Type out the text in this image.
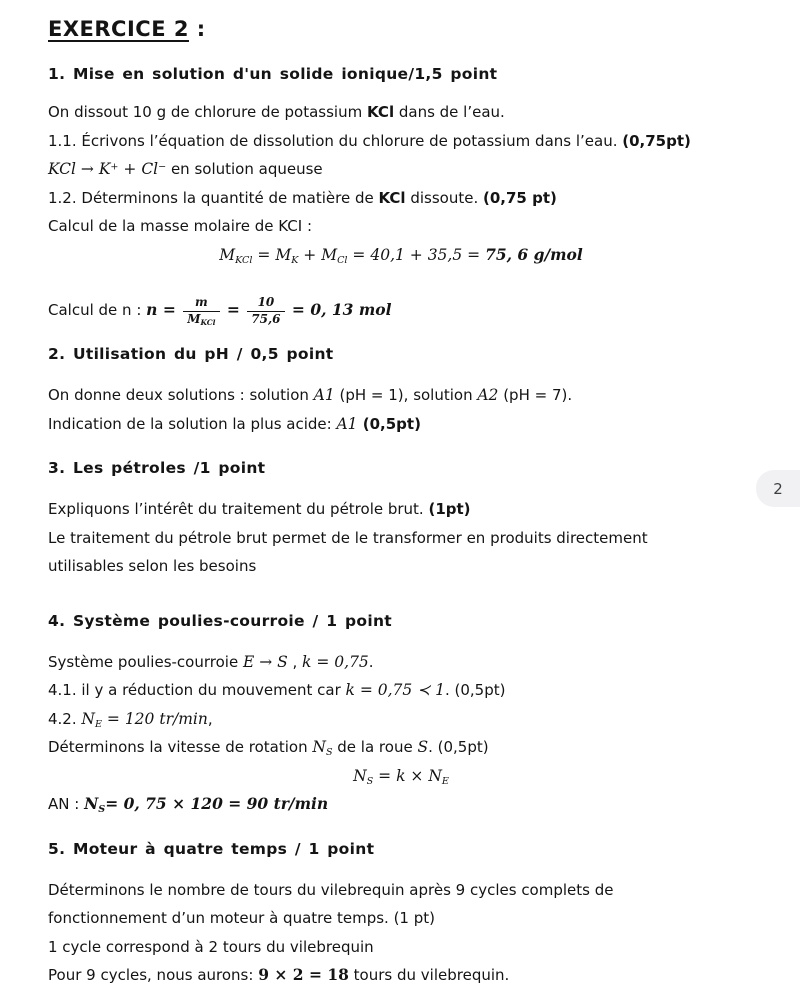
EXERCICE 2 :
1. Mise en solution d'un solide ionique/1,5 point
On dissout 10 g de chlorure de potassium KCl dans de l’eau.
1.1. Écrivons l’équation de dissolution du chlorure de potassium dans l’eau. (0,75pt)
KCl → K+ + Cl− en solution aqueuse
1.2. Déterminons la quantité de matière de KCl dissoute. (0,75 pt)
Calcul de la masse molaire de KCI :
$M_{KCl} = M_K + M_{Cl} = 40,1 + 35,5 = 75$, 6 g/mol
Calcul de n : $n = \frac{m}{M_{KCl}} = \frac{10}{75,6} = 0$, 13 mol
2. Utilisation du pH / 0,5 point
On donne deux solutions : solution A1 (pH = 1), solution A2 (pH = 7).
Indication de la solution la plus acide: A1 (0,5pt)
3. Les pétroles /1 point
Expliquons l’intérêt du traitement du pétrole brut. (1pt)
Le traitement du pétrole brut permet de le transformer en produits directement
utilisables selon les besoins
4. Système poulies-courroie / 1 point
Système poulies-courroie E → S , k = 0,75.
4.1. il y a réduction du mouvement car k = 0,75 ≺ 1. (0,5pt)
4.2. $N_E = 120$ tr/min,
Déterminons la vitesse de rotation $N_S$ de la roue S. (0,5pt)
$N_S = k \times N_E$
AN : $N_S= 0$, 75 × 120 = 90 tr/min
5. Moteur à quatre temps / 1 point
Déterminons le nombre de tours du vilebrequin après 9 cycles complets de
fonctionnement d’un moteur à quatre temps. (1 pt)
1 cycle correspond à 2 tours du vilebrequin
Pour 9 cycles, nous aurons: 9 × 2 = 18 tours du vilebrequin.
2
